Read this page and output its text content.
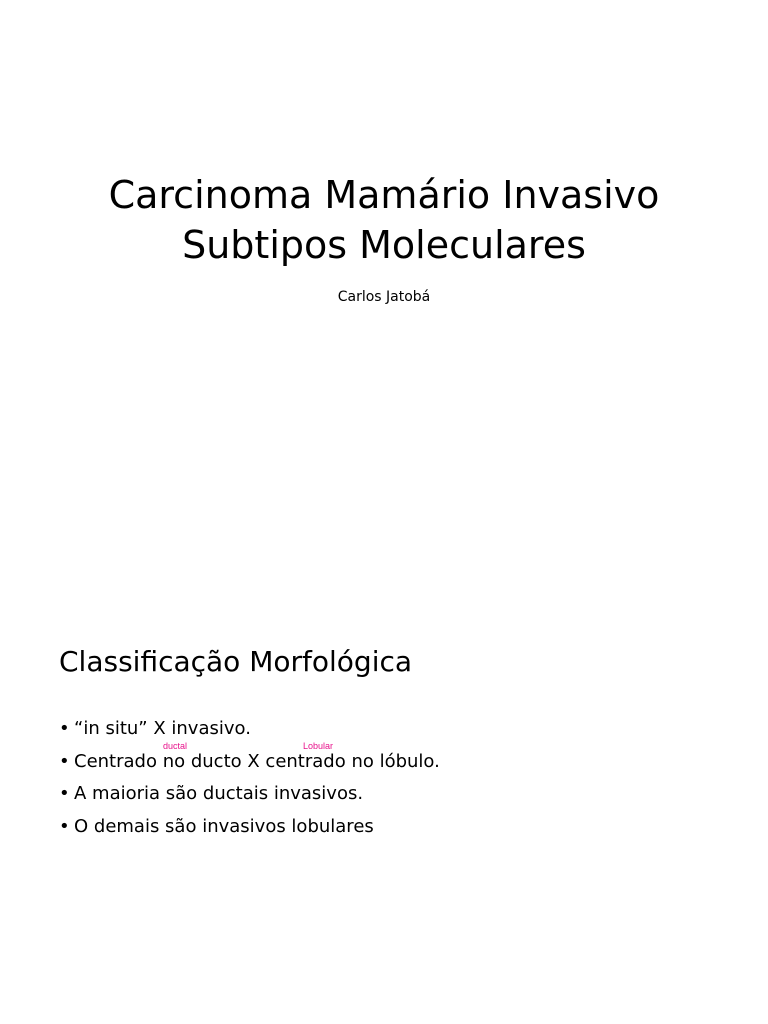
Carcinoma Mamário Invasivo
Subtipos Moleculares
Carlos Jatobá
Classificação Morfológica
• “in situ” X invasivo.
• Centrado no ducto X centrado no lóbulo.
• A maioria são ductais invasivos.
• O demais são invasivos lobulares
ductal	Lobular
